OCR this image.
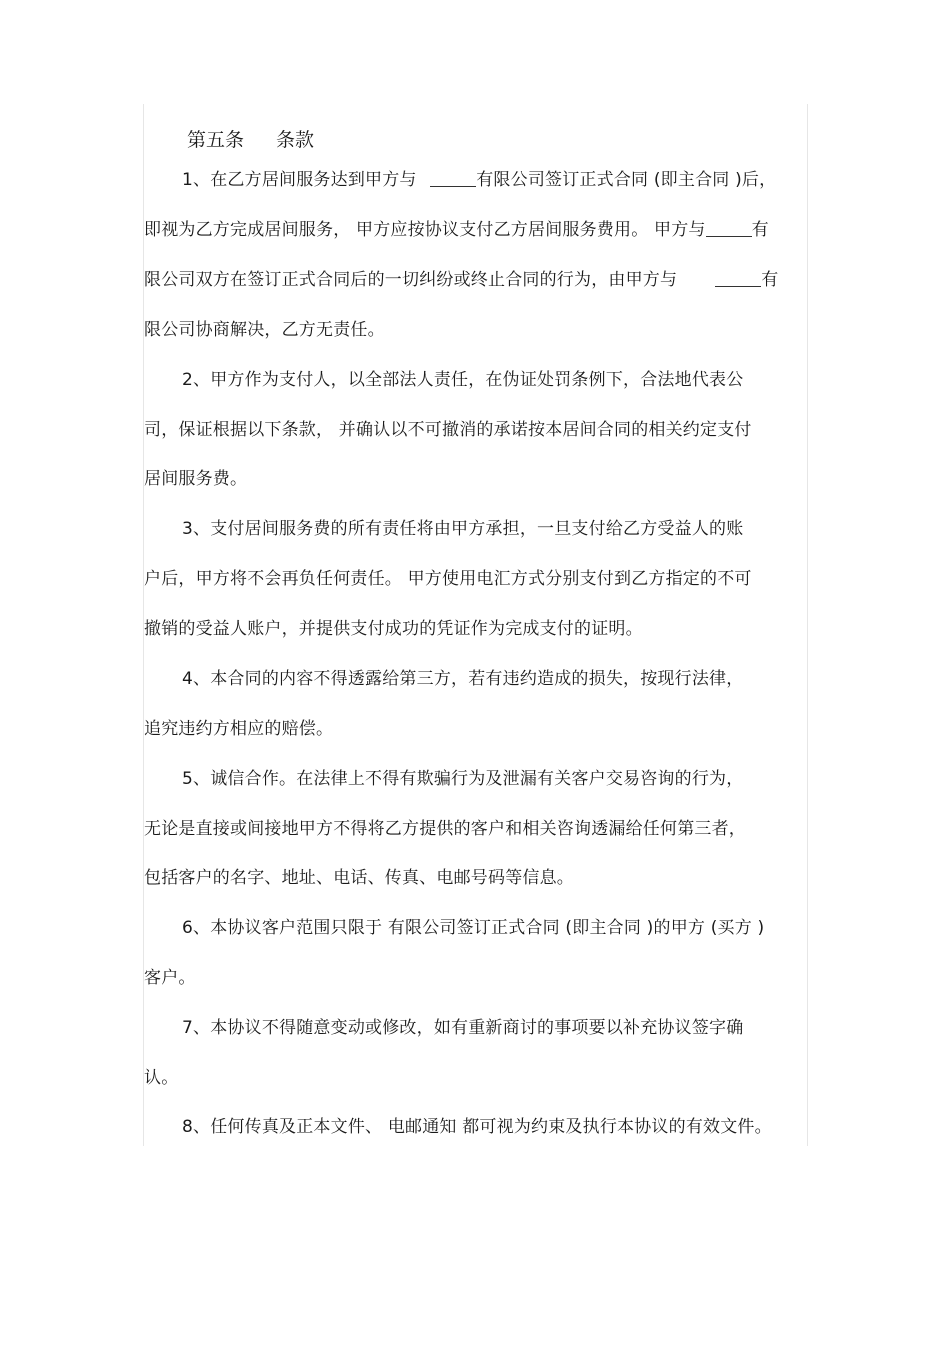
第五条 条款
1、在乙方居间服务达到甲方与	有限公司签订正式合同 (即主合同 )后，
即视为乙方完成居间服务， 甲方应按协议支付乙方居间服务费用。 甲方与	有
限公司双方在签订正式合同后的一切纠纷或终止合同的行为，由甲方与	有
限公司协商解决，乙方无责任。
2、甲方作为支付人，以全部法人责任，在伪证处罚条例下，合法地代表公
司，保证根据以下条款， 并确认以不可撤消的承诺按本居间合同的相关约定支付
居间服务费。
3、支付居间服务费的所有责任将由甲方承担，一旦支付给乙方受益人的账
户后，甲方将不会再负任何责任。 甲方使用电汇方式分别支付到乙方指定的不可
撤销的受益人账户，并提供支付成功的凭证作为完成支付的证明。
4、本合同的内容不得透露给第三方，若有违约造成的损失，按现行法律，
追究违约方相应的赔偿。
5、诚信合作。在法律上不得有欺骗行为及泄漏有关客户交易咨询的行为，
无论是直接或间接地甲方不得将乙方提供的客户和相关咨询透漏给任何第三者，
包括客户的名字、地址、电话、传真、电邮号码等信息。
6、本协议客户范围只限于 有限公司签订正式合同 (即主合同 )的甲方 (买方 )
客户。
7、本协议不得随意变动或修改，如有重新商讨的事项要以补充协议签字确
认。
8、任何传真及正本文件、 电邮通知 都可视为约束及执行本协议的有效文件。
